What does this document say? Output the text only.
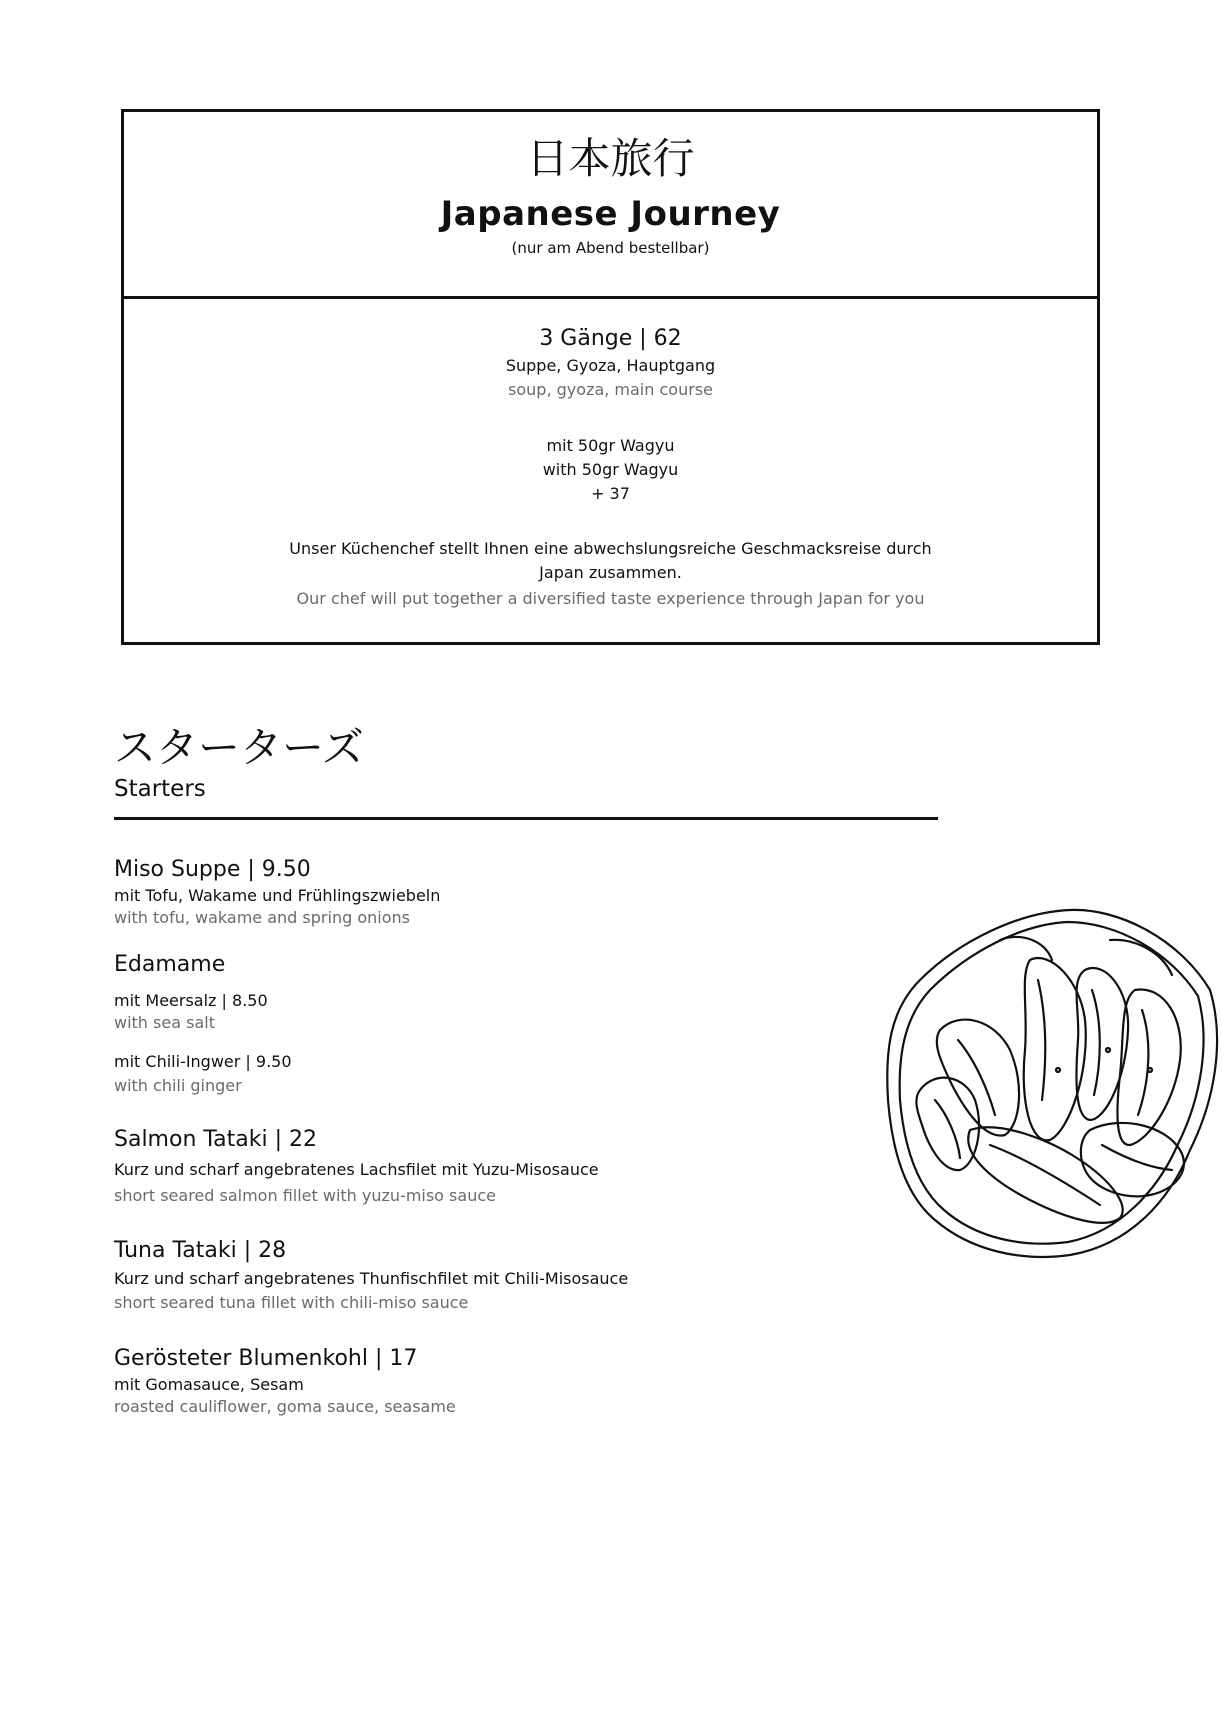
日本旅行
Japanese Journey
(nur am Abend bestellbar)
3 Gänge | 62
Suppe, Gyoza, Hauptgang
soup, gyoza, main course
mit 50gr Wagyu
with 50gr Wagyu
+ 37
Unser Küchenchef stellt Ihnen eine abwechslungsreiche Geschmacksreise durch Japan zusammen.
Our chef will put together a diversified taste experience through Japan for you
スターターズ
Starters
Miso Suppe | 9.50
mit Tofu, Wakame und Frühlingszwiebeln
with tofu, wakame and spring onions
Edamame
mit Meersalz | 8.50
with sea salt
mit Chili-Ingwer | 9.50
with chili ginger
Salmon Tataki | 22
Kurz und scharf angebratenes Lachsfilet mit Yuzu-Misosauce
short seared salmon fillet with yuzu-miso sauce
Tuna Tataki | 28
Kurz und scharf angebratenes Thunfischfilet mit Chili-Misosauce
short seared tuna fillet with chili-miso sauce
Gerösteter Blumenkohl | 17
mit Gomasauce, Sesam
roasted cauliflower, goma sauce, seasame
